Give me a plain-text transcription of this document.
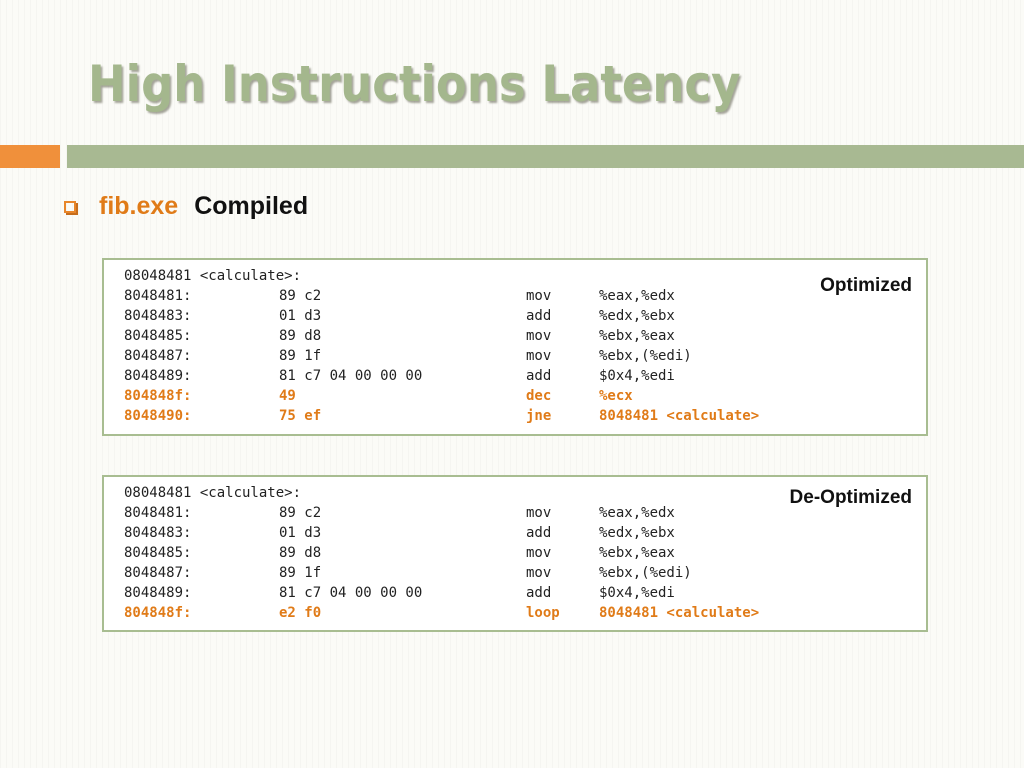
High Instructions Latency
fib.exe Compiled
Optimized
08048481 <calculate>:
8048481:	89 c2	mov	%eax,%edx
8048483:	01 d3	add	%edx,%ebx
8048485:	89 d8	mov	%ebx,%eax
8048487:	89 1f	mov	%ebx,(%edi)
8048489:	81 c7 04 00 00 00	add	$0x4,%edi
804848f:	49	dec	%ecx
8048490:	75 ef	jne	8048481 <calculate>
De-Optimized
08048481 <calculate>:
8048481:	89 c2	mov	%eax,%edx
8048483:	01 d3	add	%edx,%ebx
8048485:	89 d8	mov	%ebx,%eax
8048487:	89 1f	mov	%ebx,(%edi)
8048489:	81 c7 04 00 00 00	add	$0x4,%edi
804848f:	e2 f0	loop	8048481 <calculate>
